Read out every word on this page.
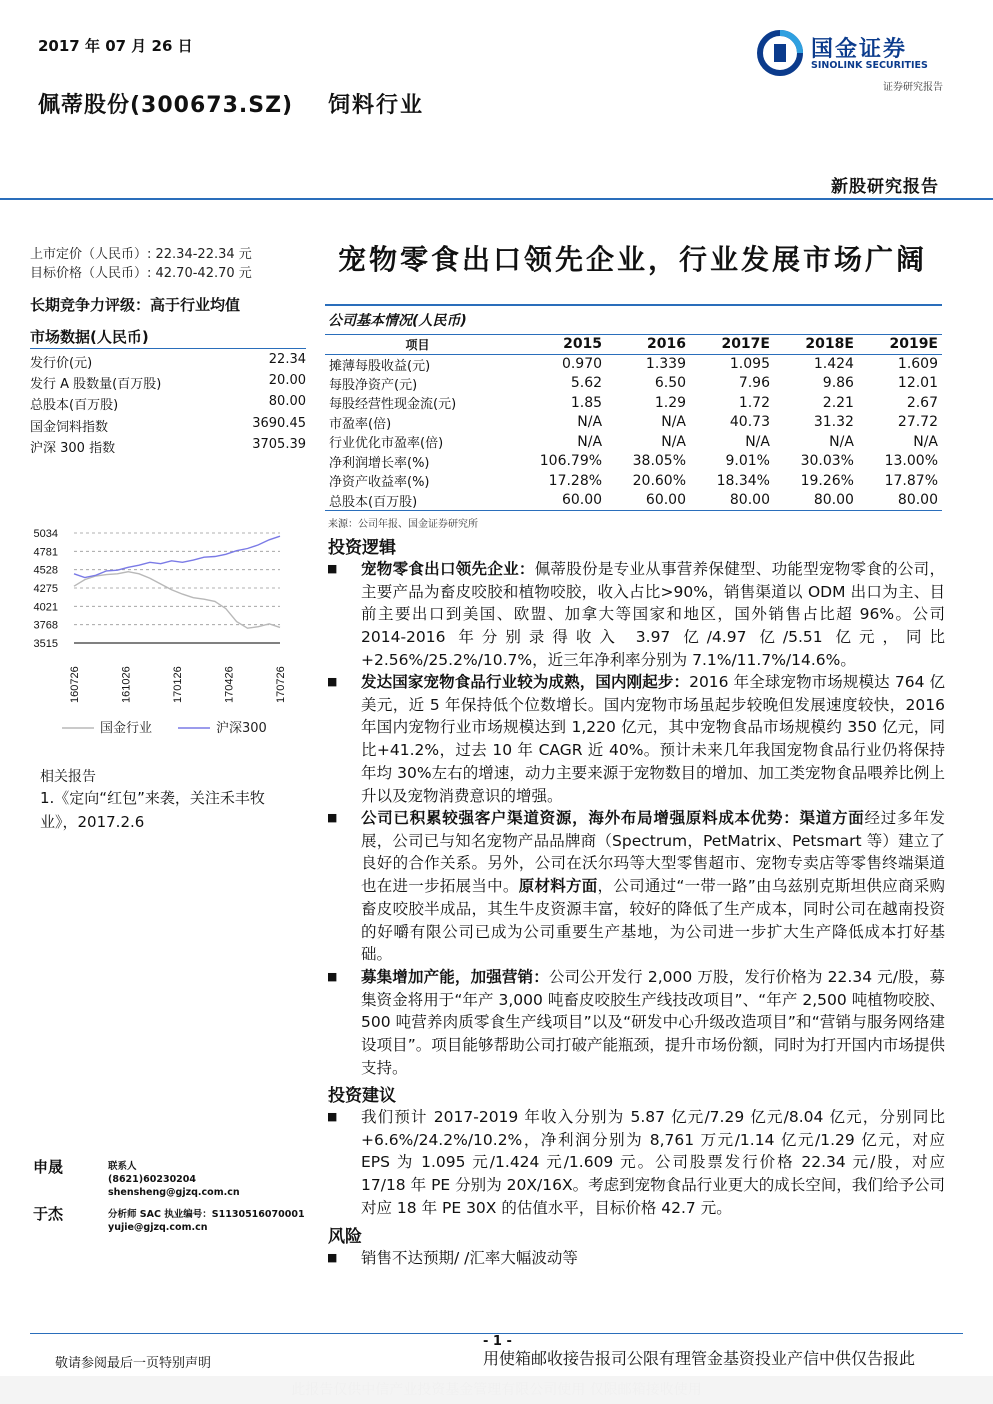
2017 年 07 月 26 日
佩蒂股份(300673.SZ) 饲料行业
国金证券
SINOLINK SECURITIES
证券研究报告
新股研究报告
上市定价（人民币）: 22.34-22.34 元
目标价格（人民币）: 42.70-42.70 元
长期竞争力评级：高于行业均值
市场数据(人民币)
发行价(元)	22.34
发行 A 股数量(百万股)	20.00
总股本(百万股)	80.00
国金饲料指数	3690.45
沪深 300 指数	3705.39
5034
4781
4528
4275
4021
3768
3515
160726	161026	170126	170426	170726
国金行业	沪深300
相关报告
1.《定向“红包”来袭，关注禾丰牧业》，2017.2.6
申晟	联系人
(8621)60230204
shensheng@gjzq.com.cn
于杰	分析师 SAC 执业编号：S1130516070001
yujie@gjzq.com.cn
宠物零食出口领先企业，行业发展市场广阔
公司基本情况(人民币)
项目	2015	2016	2017E	2018E	2019E
摊薄每股收益(元)	0.970	1.339	1.095	1.424	1.609
每股净资产(元)	5.62	6.50	7.96	9.86	12.01
每股经营性现金流(元)	1.85	1.29	1.72	2.21	2.67
市盈率(倍)	N/A	N/A	40.73	31.32	27.72
行业优化市盈率(倍)	N/A	N/A	N/A	N/A	N/A
净利润增长率(%)	106.79%	38.05%	9.01%	30.03%	13.00%
净资产收益率(%)	17.28%	20.60%	18.34%	19.26%	17.87%
总股本(百万股)	60.00	60.00	80.00	80.00	80.00
来源：公司年报、国金证券研究所
投资逻辑
■ 宠物零食出口领先企业：佩蒂股份是专业从事营养保健型、功能型宠物零食的公司，主要产品为畜皮咬胶和植物咬胶，收入占比>90%，销售渠道以 ODM 出口为主、目前主要出口到美国、欧盟、加拿大等国家和地区，国外销售占比超 96%。公司 2014-2016 年分别录得收入 3.97 亿/4.97 亿/5.51 亿元，同比+2.56%/25.2%/10.7%，近三年净利率分别为 7.1%/11.7%/14.6%。
■ 发达国家宠物食品行业较为成熟，国内刚起步：2016 年全球宠物市场规模达 764 亿美元，近 5 年保持低个位数增长。国内宠物市场虽起步较晚但发展速度较快，2016 年国内宠物行业市场规模达到 1,220 亿元，其中宠物食品市场规模约 350 亿元，同比+41.2%，过去 10 年 CAGR 近 40%。预计未来几年我国宠物食品行业仍将保持年均 30%左右的增速，动力主要来源于宠物数目的增加、加工类宠物食品喂养比例上升以及宠物消费意识的增强。
■ 公司已积累较强客户渠道资源，海外布局增强原料成本优势：渠道方面经过多年发展，公司已与知名宠物产品品牌商（Spectrum，PetMatrix、Petsmart 等）建立了良好的合作关系。另外，公司在沃尔玛等大型零售超市、宠物专卖店等零售终端渠道也在进一步拓展当中。原材料方面，公司通过“一带一路”由乌兹别克斯坦供应商采购畜皮咬胶半成品，其生牛皮资源丰富，较好的降低了生产成本，同时公司在越南投资的好嚼有限公司已成为公司重要生产基地，为公司进一步扩大生产降低成本打好基础。
■ 募集增加产能，加强营销：公司公开发行 2,000 万股，发行价格为 22.34 元/股，募集资金将用于“年产 3,000 吨畜皮咬胶生产线技改项目”、“年产 2,500 吨植物咬胶、500 吨营养肉质零食生产线项目”以及“研发中心升级改造项目”和“营销与服务网络建设项目”。项目能够帮助公司打破产能瓶颈，提升市场份额，同时为打开国内市场提供支持。
投资建议
■ 我们预计 2017-2019 年收入分别为 5.87 亿元/7.29 亿元/8.04 亿元，分别同比+6.6%/24.2%/10.2%，净利润分别为 8,761 万元/1.14 亿元/1.29 亿元，对应 EPS 为 1.095 元/1.424 元/1.609 元。公司股票发行价格 22.34 元/股，对应 17/18 年 PE 分别为 20X/16X。考虑到宠物食品行业更大的成长空间，我们给予公司对应 18 年 PE 30X 的估值水平，目标价格 42.7 元。
风险
■ 销售不达预期/ /汇率大幅波动等
- 1 -
敬请参阅最后一页特别声明	用使箱邮收接告报司公限有理管金基资投业产信中供仅告报此
此报告仅供中信产业投资基金管理有限公司使用 仅限邮箱接收使用
